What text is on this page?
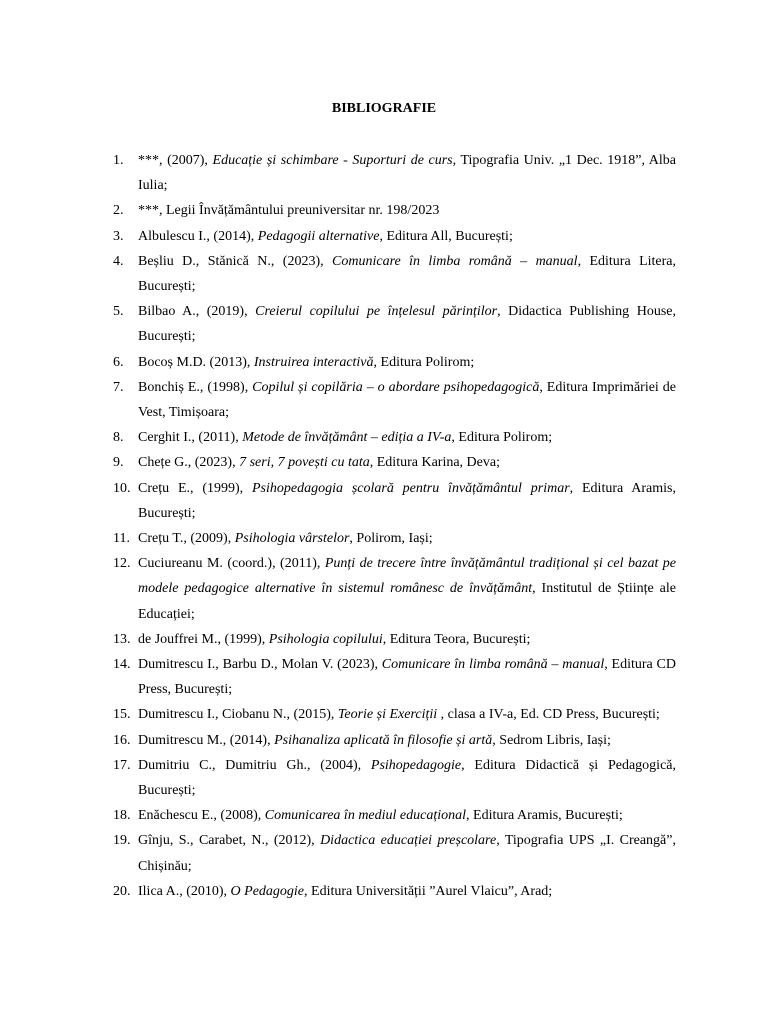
BIBLIOGRAFIE
1. ***, (2007), Educație și schimbare - Suporturi de curs, Tipografia Univ. „1 Dec. 1918”, Alba Iulia;
2. ***, Legii Învățământului preuniversitar nr. 198/2023
3. Albulescu I., (2014), Pedagogii alternative, Editura All, București;
4. Beșliu D., Stănică N., (2023), Comunicare în limba română – manual, Editura Litera, București;
5. Bilbao A., (2019), Creierul copilului pe înțelesul părinților, Didactica Publishing House, București;
6. Bocoș M.D. (2013), Instruirea interactivă, Editura Polirom;
7. Bonchiș E., (1998), Copilul și copilăria – o abordare psihopedagogică, Editura Imprimăriei de Vest, Timișoara;
8. Cerghit I., (2011), Metode de învățământ – ediția a IV-a, Editura Polirom;
9. Chețe G., (2023), 7 seri, 7 povești cu tata, Editura Karina, Deva;
10. Crețu E., (1999), Psihopedagogia școlară pentru învățământul primar, Editura Aramis, București;
11. Crețu T., (2009), Psihologia vârstelor, Polirom, Iași;
12. Cuciureanu M. (coord.), (2011), Punți de trecere între învățământul tradițional și cel bazat pe modele pedagogice alternative în sistemul românesc de învățământ, Institutul de Științe ale Educației;
13. de Jouffrei M., (1999), Psihologia copilului, Editura Teora, București;
14. Dumitrescu I., Barbu D., Molan V. (2023), Comunicare în limba română – manual, Editura CD Press, București;
15. Dumitrescu I., Ciobanu N., (2015), Teorie și Exerciții , clasa a IV-a, Ed. CD Press, București;
16. Dumitrescu M., (2014), Psihanaliza aplicată în filosofie și artă, Sedrom Libris, Iași;
17. Dumitriu C., Dumitriu Gh., (2004), Psihopedagogie, Editura Didactică și Pedagogică, București;
18. Enăchescu E., (2008), Comunicarea în mediul educațional, Editura Aramis, București;
19. Gînju, S., Carabet, N., (2012), Didactica educației preșcolare, Tipografia UPS „I. Creangă”, Chișinău;
20. Ilica A., (2010), O Pedagogie, Editura Universității ”Aurel Vlaicu”, Arad;
